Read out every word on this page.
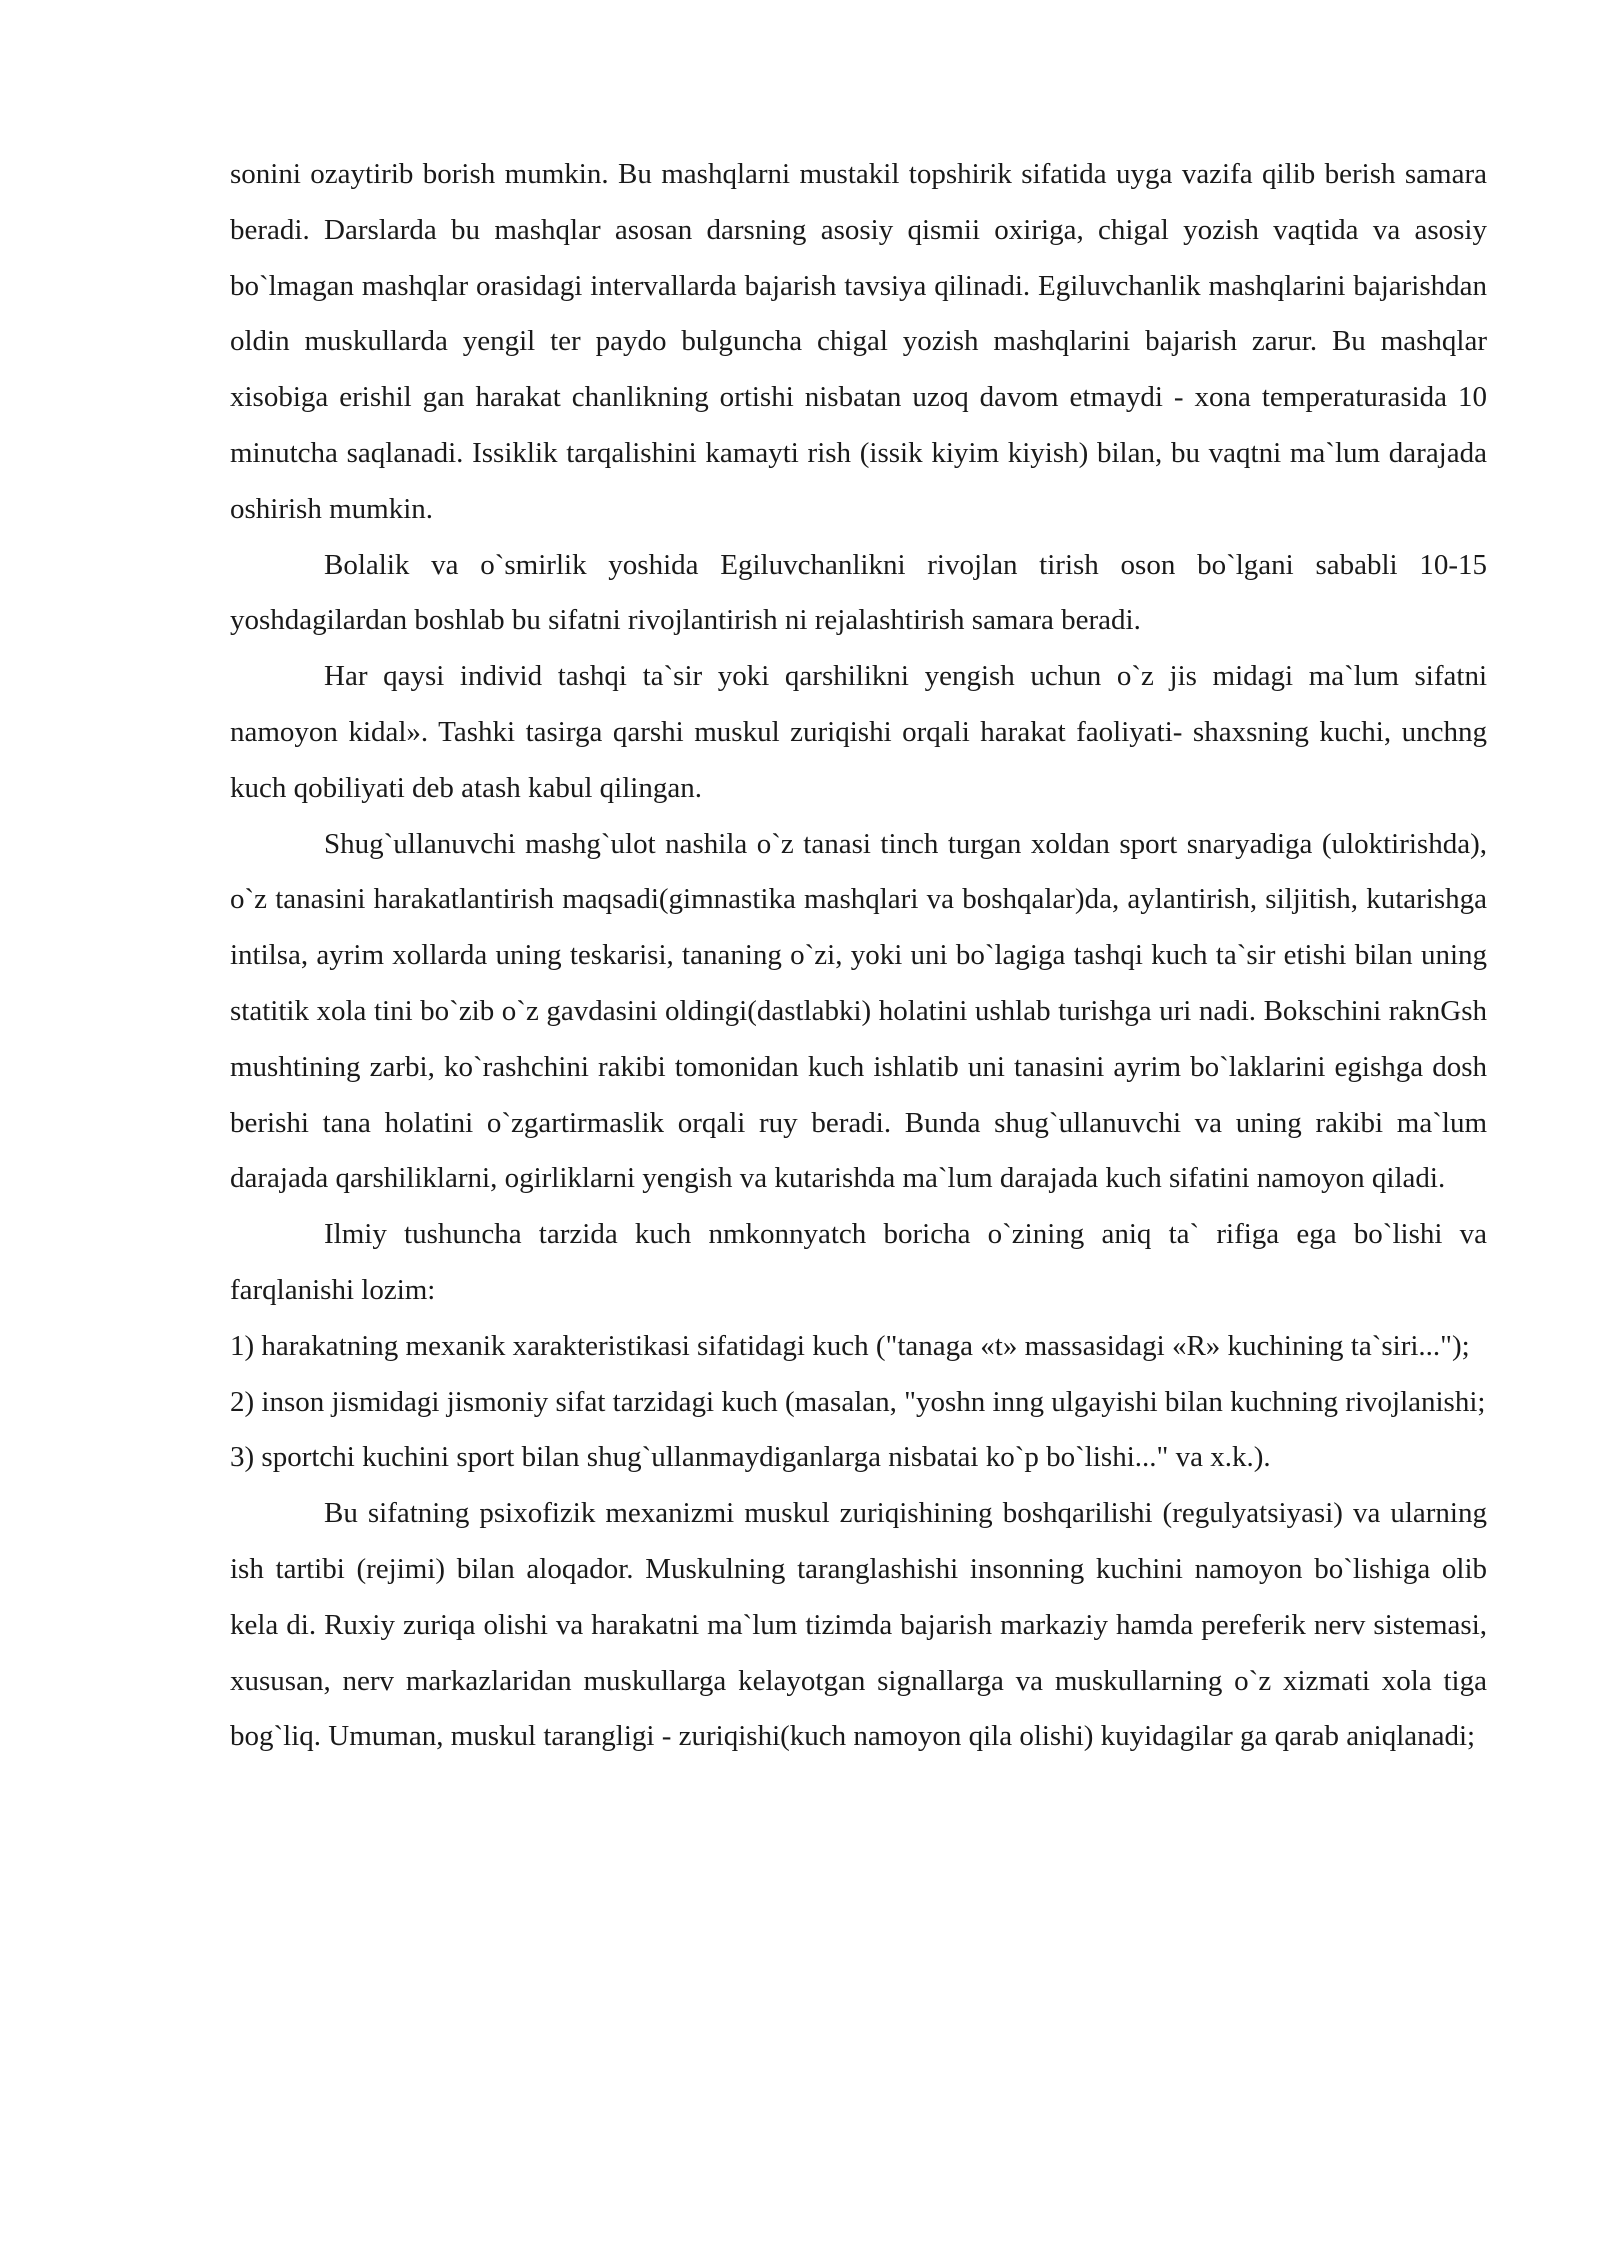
sonini ozaytirib borish mumkin. Bu mashqlarni mustakil topshirik sifatida uyga vazifa qilib berish samara beradi. Darslarda bu mashqlar asosan darsning asosiy qismii oxiriga, chigal yozish vaqtida va asosiy bo`lmagan mashqlar orasidagi intervallarda bajarish tavsiya qilinadi. Egiluvchanlik mashqlarini bajarishdan oldin muskullarda yengil ter paydo bulguncha chigal yozish mashqlarini bajarish zarur. Bu mashqlar xisobiga erishil gan harakat chanlikning ortishi nisbatan uzoq davom etmaydi - xona temperaturasida 10 minutcha saqlanadi. Issiklik tarqalishini kamayti rish (issik kiyim kiyish) bilan, bu vaqtni ma`lum darajada oshirish mumkin.

Bolalik va o`smirlik yoshida Egiluvchanlikni rivojlan tirish oson bo`lgani sababli 10-15 yoshdagilardan boshlab bu sifatni rivojlantirish ni rejalashtirish samara beradi.

Har qaysi individ tashqi ta`sir yoki qarshilikni yengish uchun o`z jis midagi ma`lum sifatni namoyon kidal». Tashki tasirga qarshi muskul zuriqishi orqali harakat faoliyati- shaxsning kuchi, unchng kuch qobiliyati deb atash kabul qilingan.

Shug`ullanuvchi mashg`ulot nashila o`z tanasi tinch turgan xoldan sport snaryadiga (uloktirishda), o`z tanasini harakatlantirish maqsadi(gimnastika mashqlari va boshqalar)da, aylantirish, siljitish, kutarishga intilsa, ayrim xollarda uning teskarisi, tananing o`zi, yoki uni bo`lagiga tashqi kuch ta`sir etishi bilan uning statitik xola tini bo`zib o`z gavdasini oldingi(dastlabki) holatini ushlab turishga uri nadi. Bokschini raknGsh mushtining zarbi, ko`rashchini rakibi tomonidan kuch ishlatib uni tanasini ayrim bo`laklarini egishga dosh berishi tana holatini o`zgartirmaslik orqali ruy beradi. Bunda shug`ullanuvchi va uning rakibi ma`lum darajada qarshiliklarni, ogirliklarni yengish va kutarishda ma`lum darajada kuch sifatini namoyon qiladi.

Ilmiy tushuncha tarzida kuch nmkonnyatch boricha o`zining aniq ta` rifiga ega bo`lishi va farqlanishi lozim:

1) harakatning mexanik xarakteristikasi sifatidagi kuch ("tanaga «t» massasidagi «R» kuchining ta`siri...");

2) inson jismidagi jismoniy sifat tarzidagi kuch (masalan, "yoshn inng ulgayishi bilan kuchning rivojlanishi;

3) sportchi kuchini sport bilan shug`ullanmaydiganlarga nisbatai ko`p bo`lishi..." va x.k.).

Bu sifatning psixofizik mexanizmi muskul zuriqishining boshqarilishi (regulyatsiyasi) va ularning ish tartibi (rejimi) bilan aloqador. Muskulning taranglashishi insonning kuchini namoyon bo`lishiga olib kela di. Ruxiy zuriqa olishi va harakatni ma`lum tizimda bajarish markaziy hamda pereferik nerv sistemasi, xususan, nerv markazlaridan muskullarga kelayotgan signallarga va muskullarning o`z xizmati xola tiga bog`liq. Umuman, muskul tarangligi - zuriqishi(kuch namoyon qila olishi) kuyidagilar ga qarab aniqlanadi;
